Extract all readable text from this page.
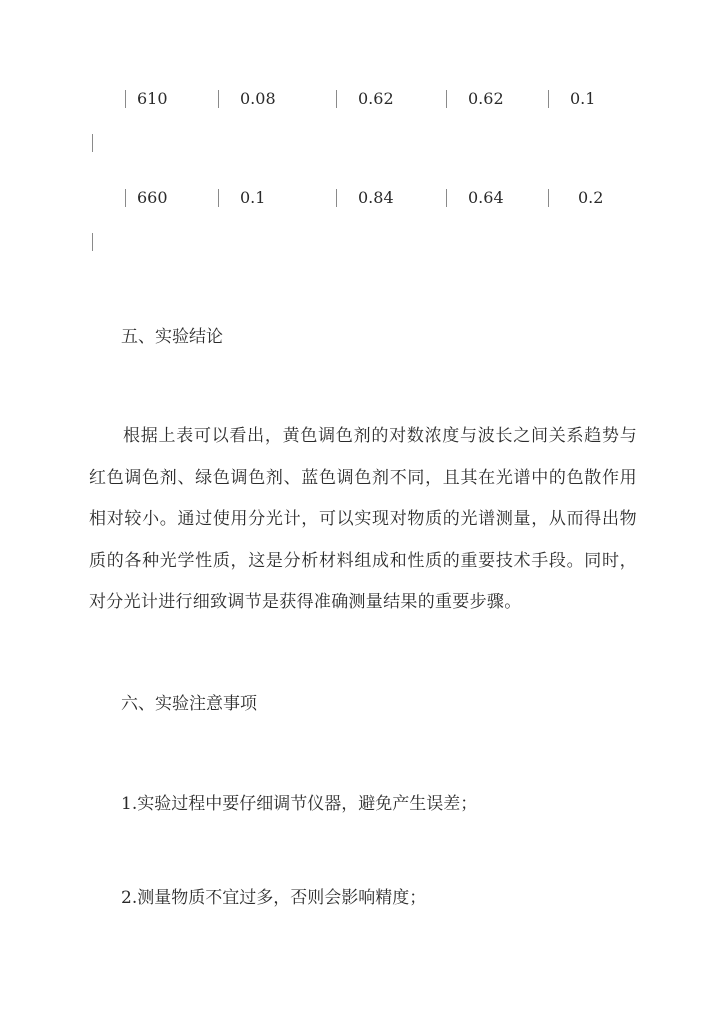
610	0.08	0.62	0.62	0.1
660	0.1	0.84	0.64	0.2
五、实验结论
根据上表可以看出，黄色调色剂的对数浓度与波长之间关系趋势与红色调色剂、绿色调色剂、蓝色调色剂不同，且其在光谱中的色散作用相对较小。通过使用分光计，可以实现对物质的光谱测量，从而得出物质的各种光学性质，这是分析材料组成和性质的重要技术手段。同时，对分光计进行细致调节是获得准确测量结果的重要步骤。
六、实验注意事项
1.实验过程中要仔细调节仪器，避免产生误差；
2.测量物质不宜过多，否则会影响精度；
